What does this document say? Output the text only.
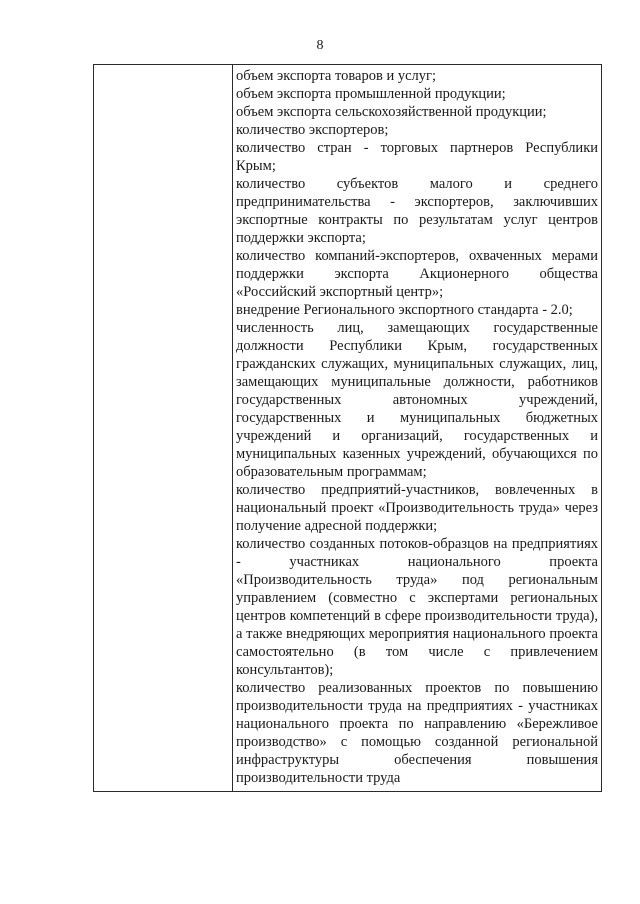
8

объем экспорта товаров и услуг;

объем экспорта промышленной продукции;

объем экспорта сельскохозяйственной продукции;

количество экспортеров;

количество стран - торговых партнеров Республики Крым;

количество субъектов малого и среднего предпринимательства - экспортеров, заключивших экспортные контракты по результатам услуг центров поддержки экспорта;

количество компаний-экспортеров, охваченных мерами поддержки экспорта Акционерного общества «Российский экспортный центр»;

внедрение Регионального экспортного стандарта - 2.0;

численность лиц, замещающих государственные должности Республики Крым, государственных гражданских служащих, муниципальных служащих, лиц, замещающих муниципальные должности, работников государственных автономных учреждений, государственных и муниципальных бюджетных учреждений и организаций, государственных и муниципальных казенных учреждений, обучающихся по образовательным программам;

количество предприятий-участников, вовлеченных в национальный проект «Производительность труда» через получение адресной поддержки;

количество созданных потоков-образцов на предприятиях - участниках национального проекта «Производительность труда» под региональным управлением (совместно с экспертами региональных центров компетенций в сфере производительности труда), а также внедряющих мероприятия национального проекта самостоятельно (в том числе с привлечением консультантов);

количество реализованных проектов по повышению производительности труда на предприятиях - участниках национального проекта по направлению «Бережливое производство» с помощью созданной региональной инфраструктуры обеспечения повышения производительности труда
